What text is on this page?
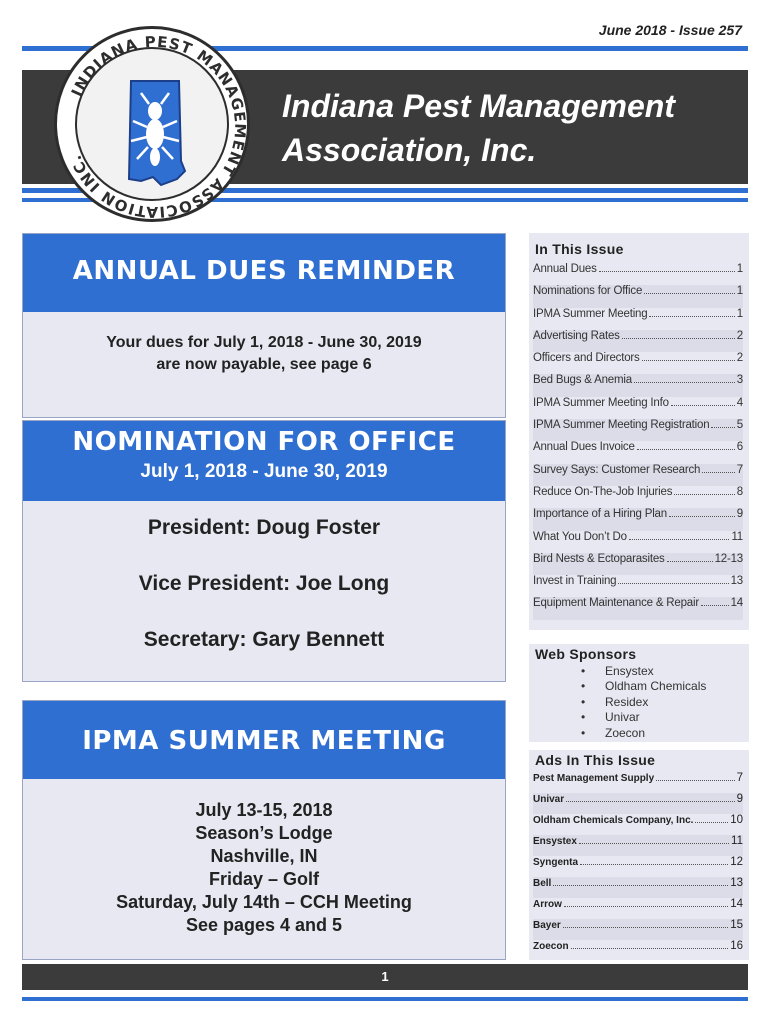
June 2018 - Issue 257
INDIANA PEST MANAGEMENT ASSOCIATION INC.
Indiana Pest Management
Association, Inc.
ANNUAL DUES REMINDER
Your dues for July 1, 2018 - June 30, 2019
are now payable, see page 6
NOMINATION FOR OFFICE
July 1, 2018 - June 30, 2019
President: Doug Foster
Vice President: Joe Long
Secretary: Gary Bennett
IPMA SUMMER MEETING
July 13-15, 2018
Season’s Lodge
Nashville, IN
Friday – Golf
Saturday, July 14th – CCH Meeting
See pages 4 and 5
In This Issue
Annual Dues	1
Nominations for Office	1
IPMA Summer Meeting	1
Advertising Rates	2
Officers and Directors	2
Bed Bugs & Anemia	3
IPMA Summer Meeting Info	4
IPMA Summer Meeting Registration 5
Annual Dues Invoice	6
Survey Says: Customer Research	7
Reduce On-The-Job Injuries	8
Importance of a Hiring Plan	9
What You Don’t Do	11
Bird Nests & Ectoparasites	12-13
Invest in Training	13
Equipment Maintenance & Repair	14
Web Sponsors
• Ensystex
• Oldham Chemicals
• Residex
• Univar
• Zoecon
Ads In This Issue
Pest Management Supply	7
Univar	9
Oldham Chemicals Company, Inc.	10
Ensystex	11
Syngenta	12
Bell	13
Arrow	14
Bayer	15
Zoecon	16
1
